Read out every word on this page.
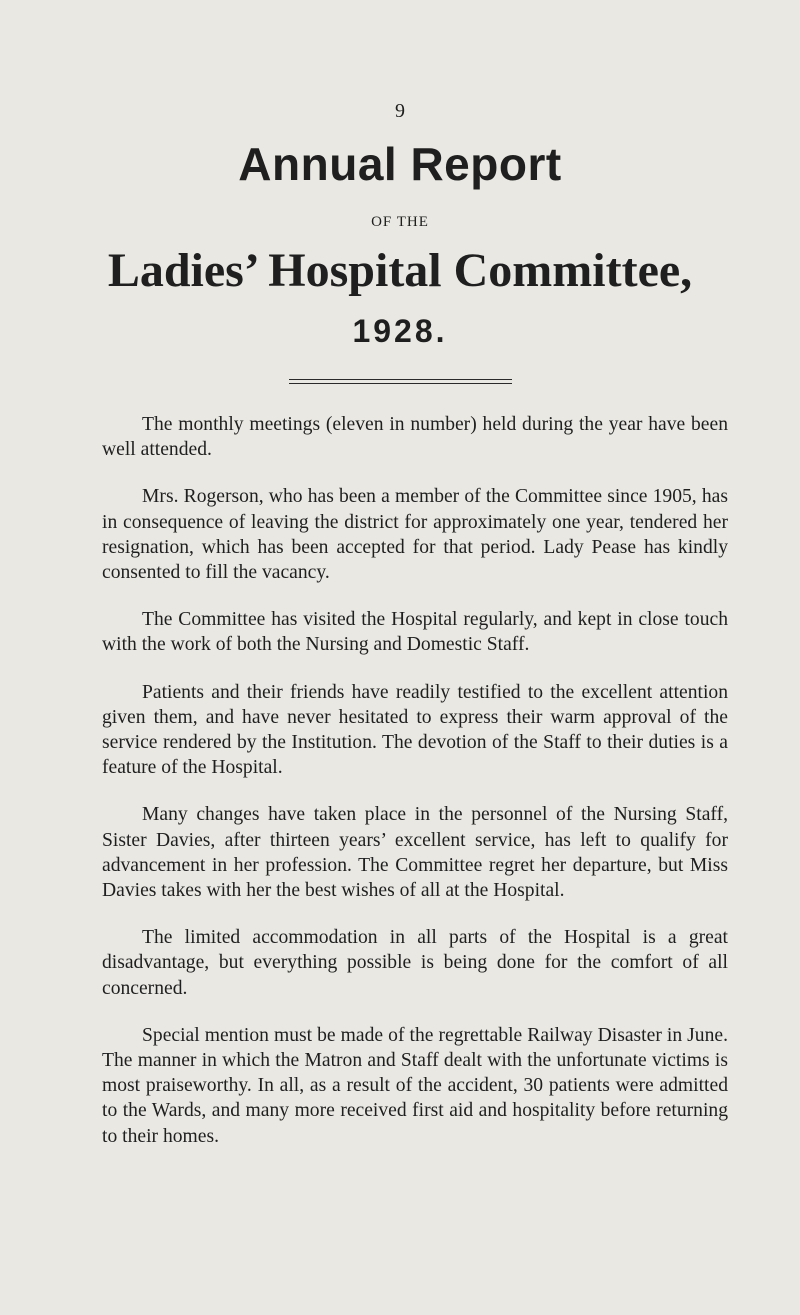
9
Annual Report
OF THE
Ladies’ Hospital Committee,
1928.

The monthly meetings (eleven in number) held during the year have been well attended.

Mrs. Rogerson, who has been a member of the Committee since 1905, has in consequence of leaving the district for approximately one year, tendered her resignation, which has been accepted for that period. Lady Pease has kindly consented to fill the vacancy.

The Committee has visited the Hospital regularly, and kept in close touch with the work of both the Nursing and Domestic Staff.

Patients and their friends have readily testified to the excellent attention given them, and have never hesitated to express their warm approval of the service rendered by the Institution. The devotion of the Staff to their duties is a feature of the Hospital.

Many changes have taken place in the personnel of the Nursing Staff, Sister Davies, after thirteen years’ excellent service, has left to qualify for advancement in her profession. The Committee regret her departure, but Miss Davies takes with her the best wishes of all at the Hospital.

The limited accommodation in all parts of the Hospital is a great disadvantage, but everything possible is being done for the comfort of all concerned.

Special mention must be made of the regrettable Railway Disaster in June. The manner in which the Matron and Staff dealt with the unfortunate victims is most praiseworthy. In all, as a result of the accident, 30 patients were admitted to the Wards, and many more received first aid and hospitality before returning to their homes.
